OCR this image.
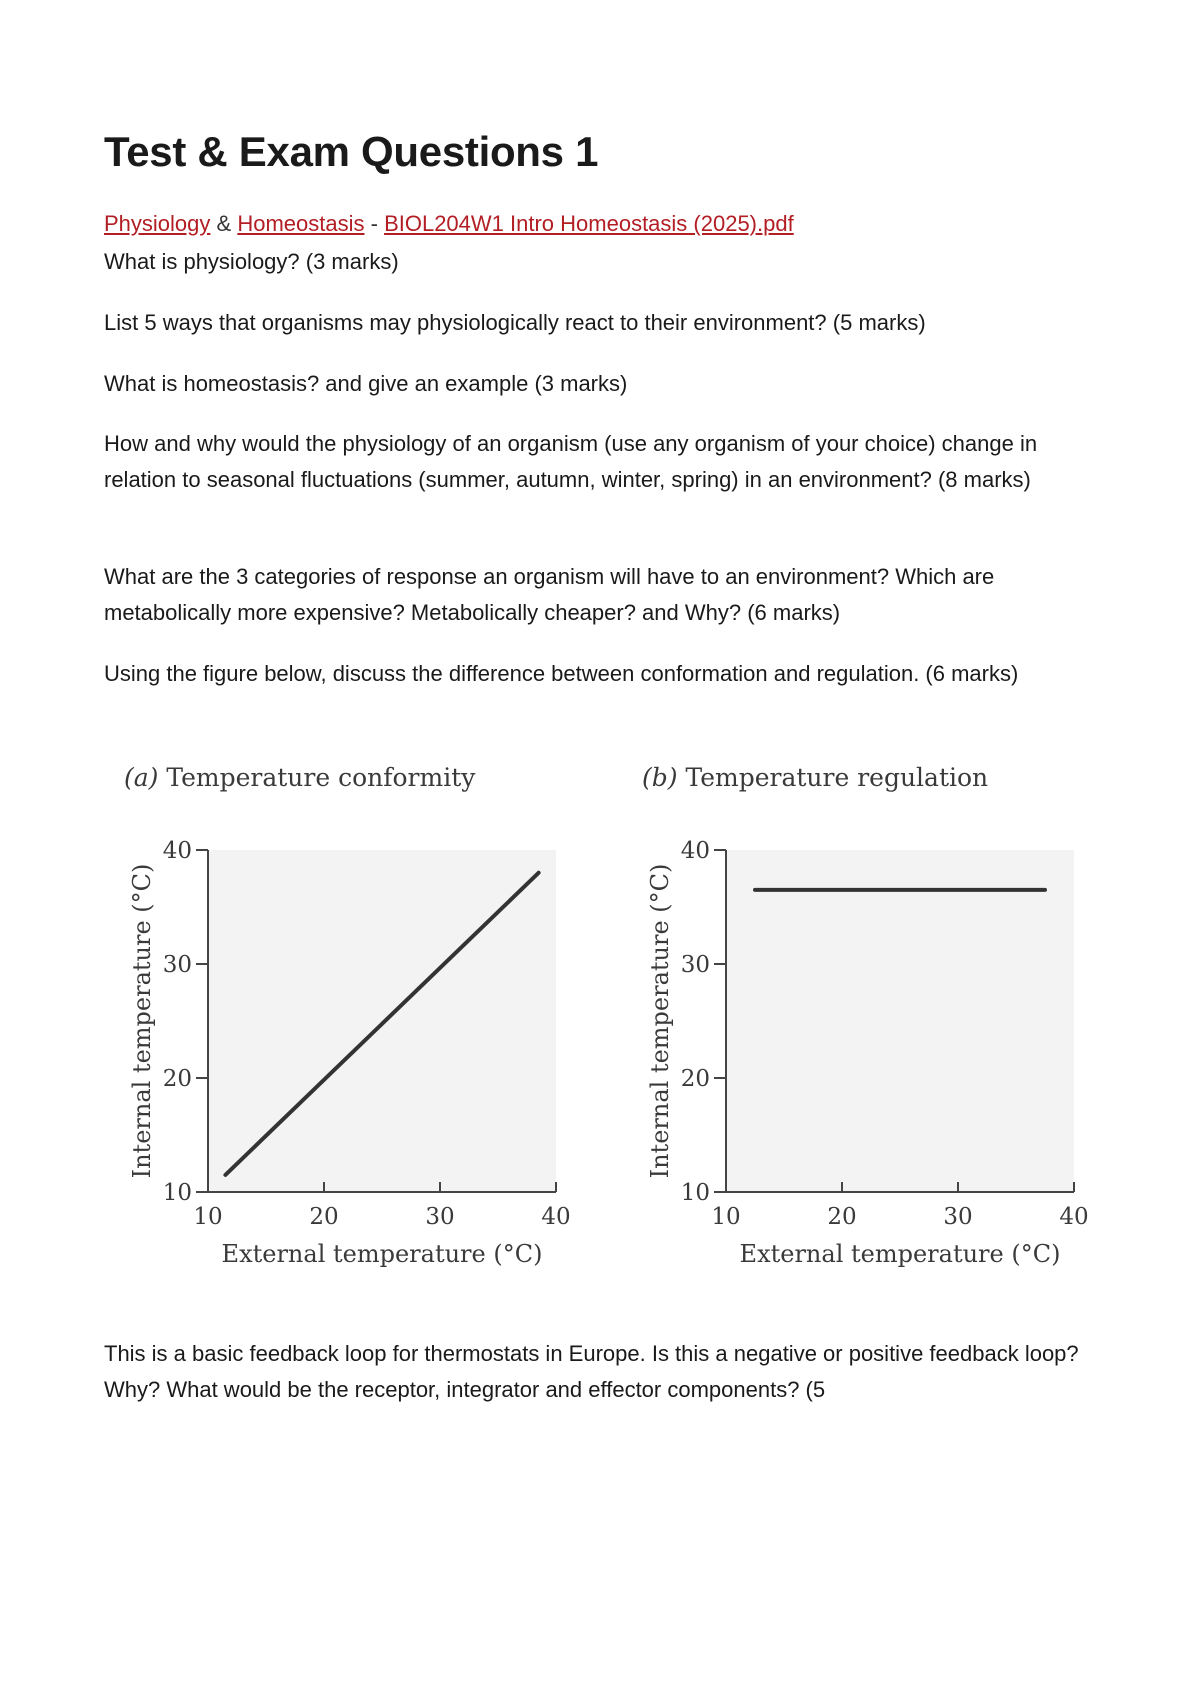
Test & Exam Questions 1
Physiology & Homeostasis - BIOL204W1 Intro Homeostasis (2025).pdf

What is physiology? (3 marks)

List 5 ways that organisms may physiologically react to their environment? (5 marks)

What is homeostasis? and give an example (3 marks)

How and why would the physiology of an organism (use any organism of your choice) change in relation to seasonal fluctuations (summer, autumn, winter, spring) in an environment? (8 marks)

What are the 3 categories of response an organism will have to an environment? Which are metabolically more expensive? Metabolically cheaper? and Why? (6 marks)

Using the figure below, discuss the difference between conformation and regulation. (6 marks)

(a) Temperature conformity
10
20
30
40
10	20	30	40
External temperature (°C)
Internal temperature (°C)
(b) Temperature regulation
10
20
30
40
10	20	30	40
External temperature (°C)
Internal temperature (°C)

This is a basic feedback loop for thermostats in Europe. Is this a negative or positive feedback loop? Why? What would be the receptor, integrator and effector components? (5
